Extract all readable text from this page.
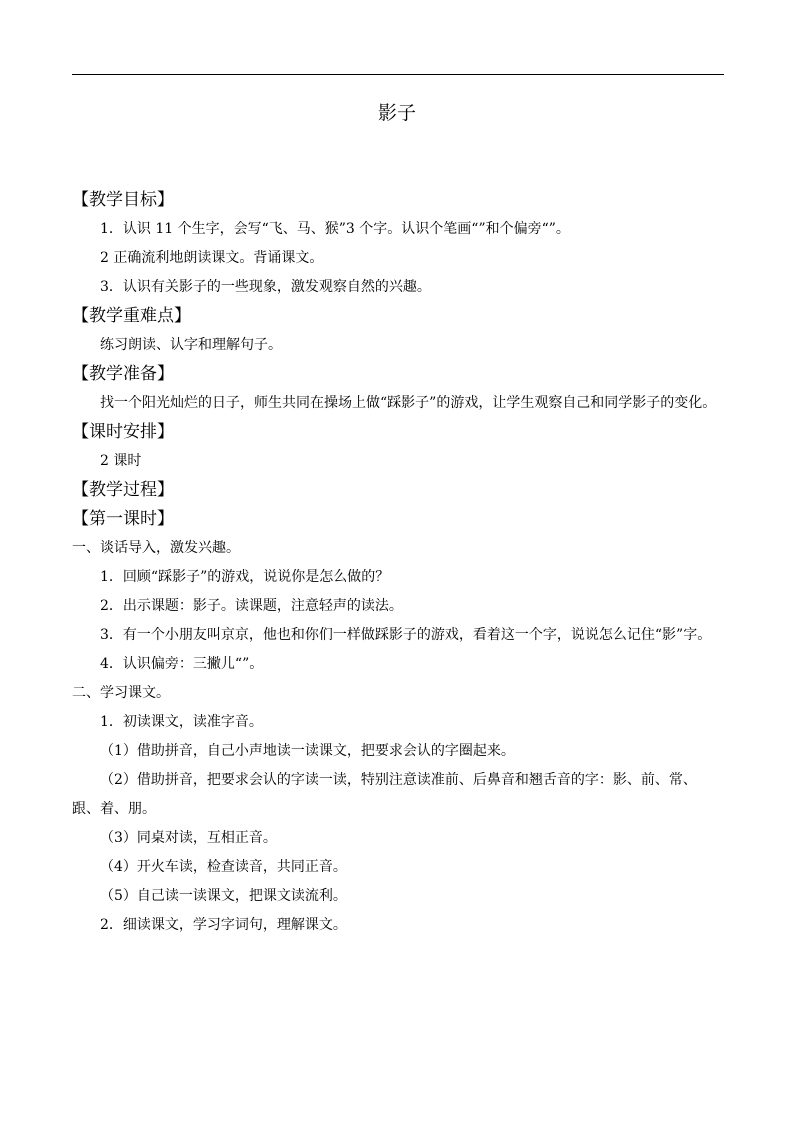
影子
【教学目标】
1．认识 11 个生字，会写“飞、马、猴”3 个字。认识个笔画“”和个偏旁“”。
2 正确流利地朗读课文。背诵课文。
3．认识有关影子的一些现象，激发观察自然的兴趣。
【教学重难点】
练习朗读、认字和理解句子。
【教学准备】
找一个阳光灿烂的日子，师生共同在操场上做“踩影子”的游戏，让学生观察自己和同学影子的变化。
【课时安排】
2 课时
【教学过程】
【第一课时】
一、谈话导入，激发兴趣。
1．回顾“踩影子”的游戏，说说你是怎么做的？
2．出示课题：影子。读课题，注意轻声的读法。
3．有一个小朋友叫京京，他也和你们一样做踩影子的游戏，看着这一个字，说说怎么记住“影”字。
4．认识偏旁：三撇儿“”。
二、学习课文。
1．初读课文，读准字音。
（1）借助拼音，自己小声地读一读课文，把要求会认的字圈起来。
（2）借助拼音，把要求会认的字读一读，特别注意读准前、后鼻音和翘舌音的字：影、前、常、跟、着、朋。
（3）同桌对读，互相正音。
（4）开火车读，检查读音，共同正音。
（5）自己读一读课文，把课文读流利。
2．细读课文，学习字词句，理解课文。
